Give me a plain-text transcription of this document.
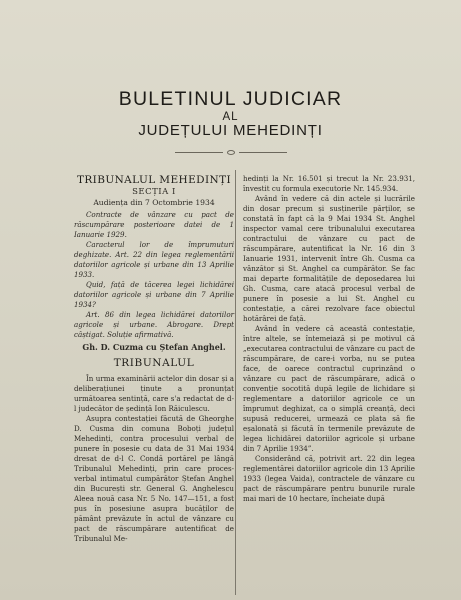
BULETINUL JUDICIAR
AL
JUDEȚULUI MEHEDINȚI

TRIBUNALUL MEHEDINȚI

SECȚIA I

Audiența din 7 Octombrie 1934

Contracte de vânzare cu pact de răscumpărare posterioare datei de 1 Ianuarie 1929.

Caracterul lor de împrumuturi deghizate. Art. 22 din legea reglementării datoriilor agricole și urbane din 13 Aprilie 1933.

Quid, față de tăcerea legei lichidărei datoriilor agricole și urbane din 7 Aprilie 1934?

Art. 86 din legea lichidărei datoriilor agricole și urbane. Abrogare. Drept câștigat. Soluție afirmativă.

Gh. D. Cuzma cu Ștefan Anghel.

TRIBUNALUL

În urma examinării actelor din dosar și a deliberațiunei ținute a pronunțat următoarea sentință, care s'a redactat de d-l judecător de ședință Ion Răiculescu.

Asupra contestației făcută de Gheorghe D. Cusma din comuna Boboți județul Mehedinți, contra procesului verbal de punere în posesie cu data de 31 Mai 1934 dresat de d-l C. Condă portărel pe lângă Tribunalul Mehedinți, prin care proces-verbal intimatul cumpărător Ștefan Anghel din București str. General G. Anghelescu Aleea nouă casa Nr. 5 No. 147—151, a fost pus în posesiune asupra bucăților de pământ prevăzute în actul de vânzare cu pact de răscumpărare autentificat de Tribunalul Me-

hedinți la Nr. 16.501 și trecut la Nr. 23.931, învestit cu formula executorie Nr. 145.934.

Având în vedere că din actele și lucrările din dosar precum și susținerile părților, se constată în fapt că la 9 Mai 1934 St. Anghel inspector vamal cere tribunalului executarea contractului de vânzare cu pact de răscumpărare, autentificat la Nr. 16 din 3 Ianuarie 1931, intervenit între Gh. Cusma ca vânzător și St. Anghel ca cumpărător. Se fac mai departe formalitățile de deposedarea lui Gh. Cusma, care atacă procesul verbal de punere în posesie a lui St. Anghel cu contestație, a cărei rezolvare face obiectul hotărârei de față.

Având în vedere că această contestație, între altele, se întemeiază și pe motivul că „executarea contractului de vânzare cu pact de răscumpărare, de care-i vorba, nu se putea face, de oarece contractul cuprinzând o vânzare cu pact de răscumpărare, adică o convenție socotită după legile de lichidare și reglementare a datoriilor agricole ce un împrumut deghizat, ca o simplă creanță, deci supusă reducerei, urmează ce plata să fie eșalonată și făcută în termenile prevăzute de legea lichidărei datoriilor agricole și urbane din 7 Aprilie 1934”.

Considerând că, potrivit art. 22 din legea reglementărei datoriilor agricole din 13 Aprilie 1933 (legea Vaida), contractele de vânzare cu pact de răscumpărare pentru bunurile rurale mai mari de 10 hectare, încheiate după
